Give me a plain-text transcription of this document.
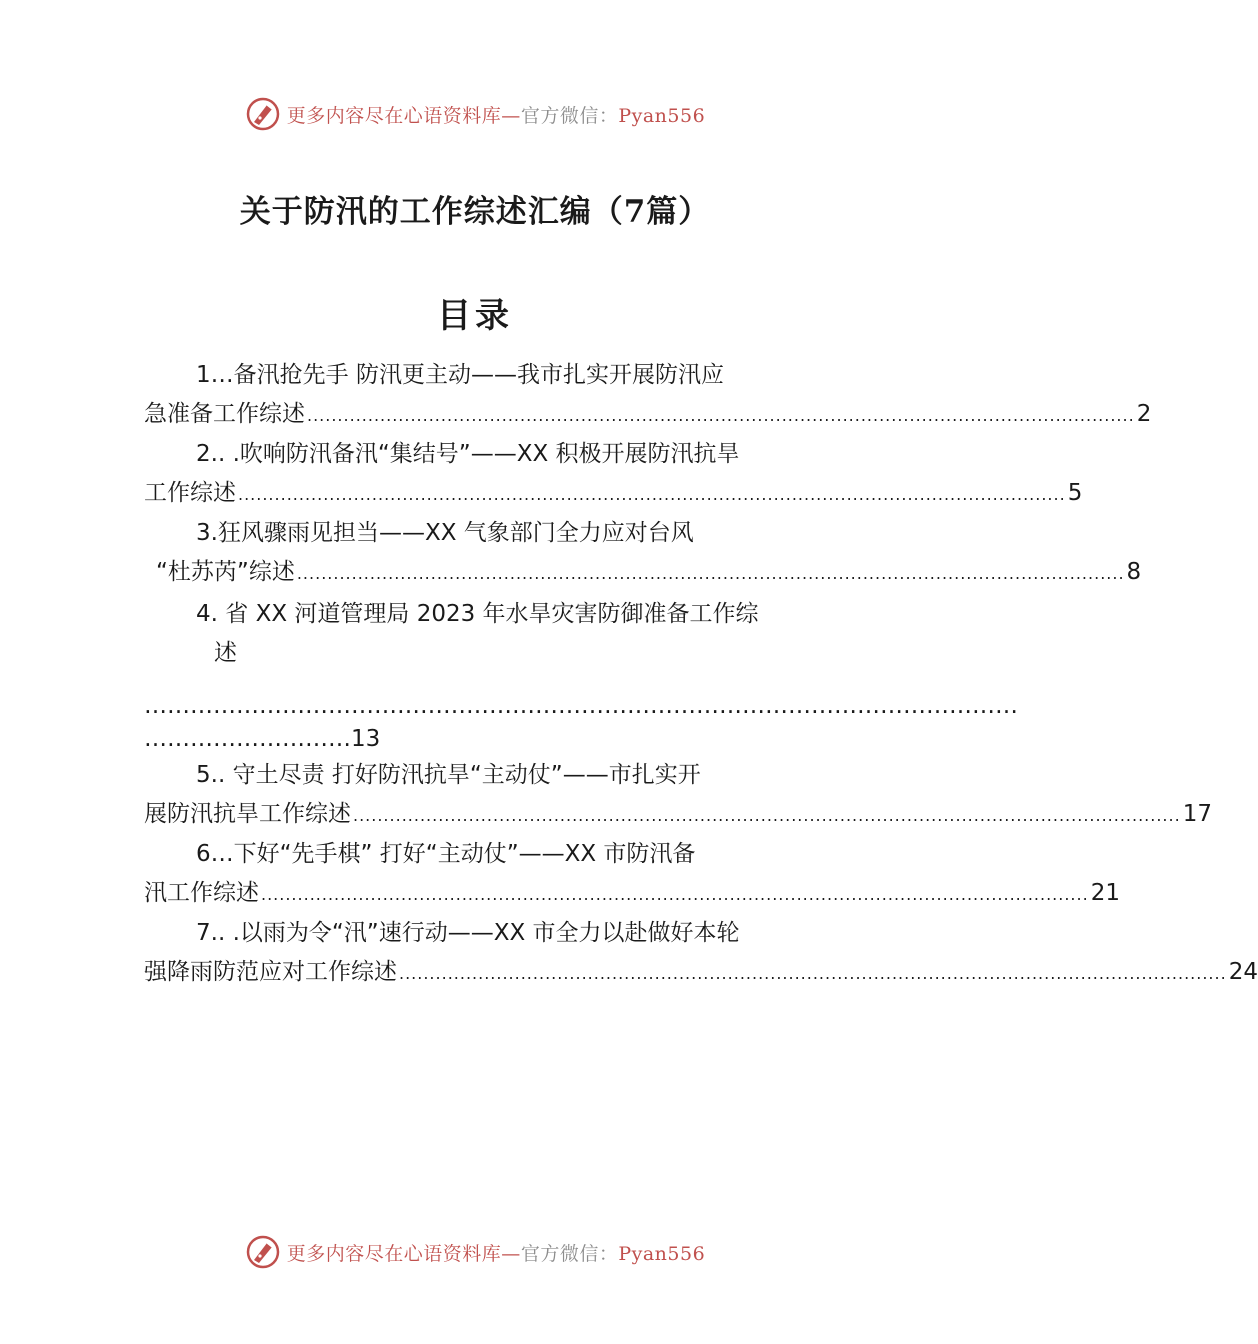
更多内容尽在心语资料库—官方微信：Pyan556
关于防汛的工作综述汇编（7篇）
目录
1…备汛抢先手 防汛更主动——我市扎实开展防汛应
急准备工作综述 ........................................................................................................................................ 2
2.. .吹响防汛备汛“集结号”——XX 积极开展防汛抗旱
工作综述 ........................................................................................................................................ 5
3.狂风骤雨见担当——XX 气象部门全力应对台风
“杜苏芮”综述 ........................................................................................................................................ 8
4. 省 XX 河道管理局 2023 年水旱灾害防御准备工作综
述
……………………………………………………………………………………………………
……………………… 13
5.. 守土尽责 打好防汛抗旱“主动仗”——市扎实开
展防汛抗旱工作综述 ........................................................................................................................................ 17
6…下好“先手棋” 打好“主动仗”——XX 市防汛备
汛工作综述 ........................................................................................................................................ 21
7.. .以雨为令“汛”速行动——XX 市全力以赴做好本轮
强降雨防范应对工作综述 ........................................................................................................................................ 24
更多内容尽在心语资料库—官方微信：Pyan556
